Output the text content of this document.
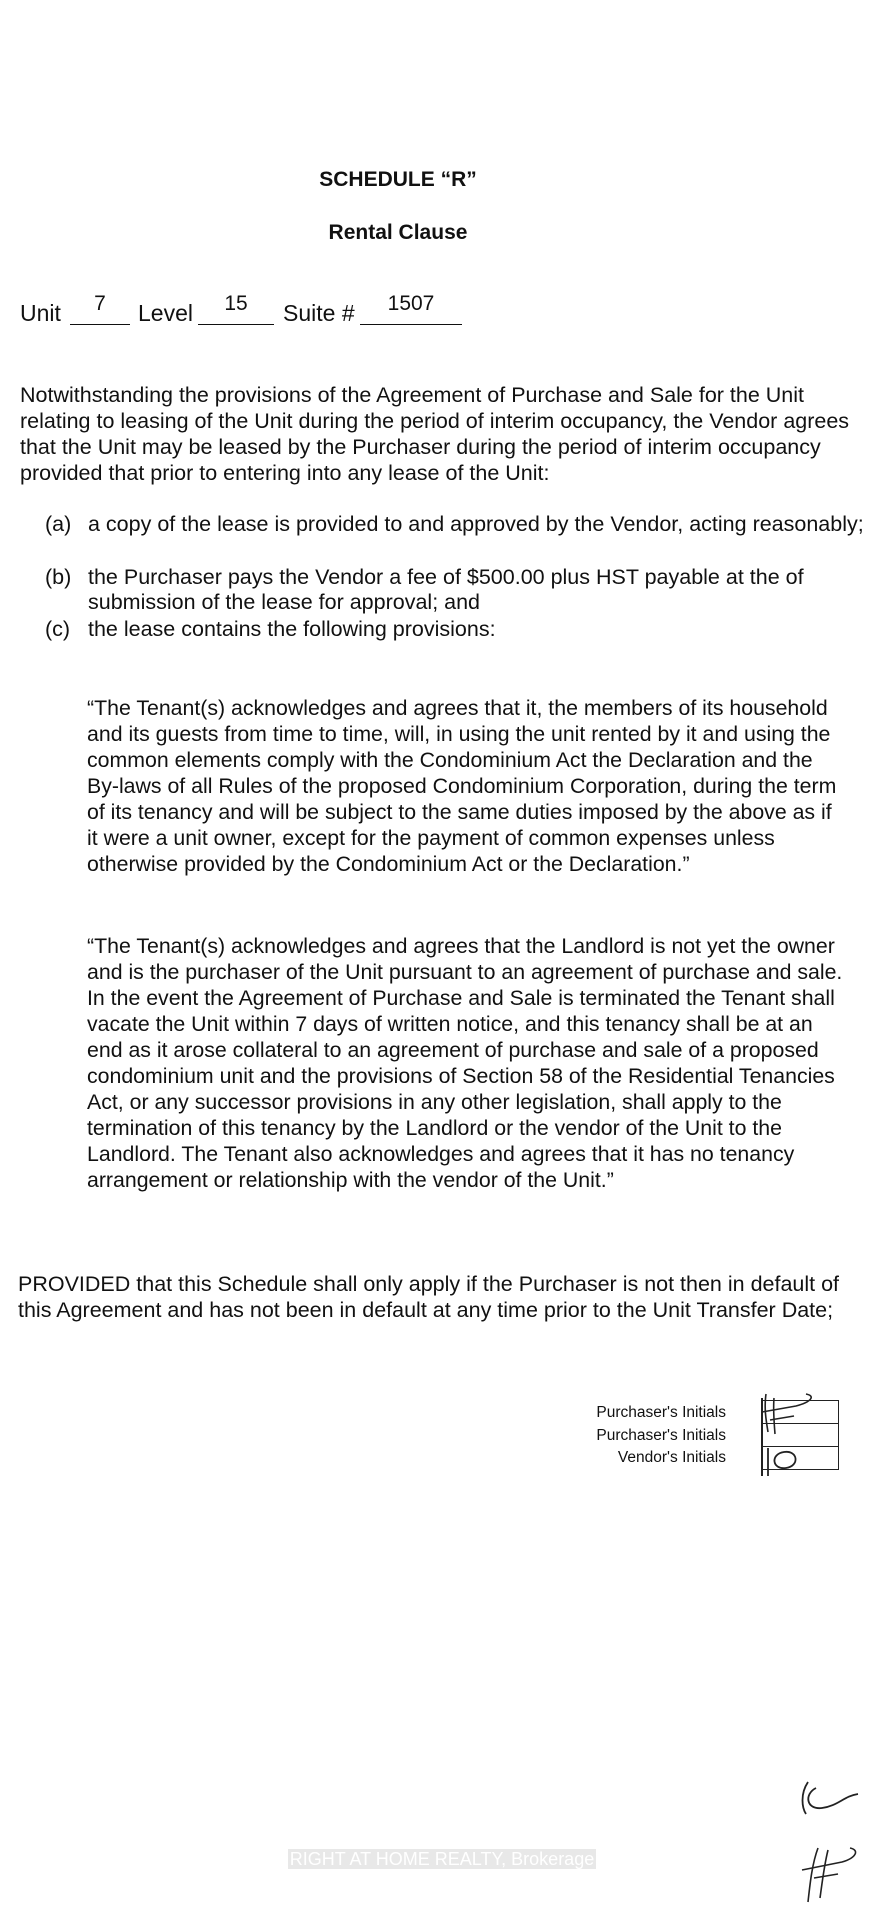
SCHEDULE “R”
Rental Clause
Unit	7	Level	15	Suite #	1507
Notwithstanding the provisions of the Agreement of Purchase and Sale for the Unit relating to leasing of the Unit during the period of interim occupancy, the Vendor agrees that the Unit may be leased by the Purchaser during the period of interim occupancy provided that prior to entering into any lease of the Unit:
(a) a copy of the lease is provided to and approved by the Vendor, acting reasonably;
(b) the Purchaser pays the Vendor a fee of $500.00 plus HST payable at the of submission of the lease for approval; and
(c) the lease contains the following provisions:
“The Tenant(s) acknowledges and agrees that it, the members of its household and its guests from time to time, will, in using the unit rented by it and using the common elements comply with the Condominium Act the Declaration and the By-laws of all Rules of the proposed Condominium Corporation, during the term of its tenancy and will be subject to the same duties imposed by the above as if it were a unit owner, except for the payment of common expenses unless otherwise provided by the Condominium Act or the Declaration.”
“The Tenant(s) acknowledges and agrees that the Landlord is not yet the owner and is the purchaser of the Unit pursuant to an agreement of purchase and sale. In the event the Agreement of Purchase and Sale is terminated the Tenant shall vacate the Unit within 7 days of written notice, and this tenancy shall be at an end as it arose collateral to an agreement of purchase and sale of a proposed condominium unit and the provisions of Section 58 of the Residential Tenancies Act, or any successor provisions in any other legislation, shall apply to the termination of this tenancy by the Landlord or the vendor of the Unit to the Landlord. The Tenant also acknowledges and agrees that it has no tenancy arrangement or relationship with the vendor of the Unit.”
PROVIDED that this Schedule shall only apply if the Purchaser is not then in default of this Agreement and has not been in default at any time prior to the Unit Transfer Date;
Purchaser's Initials
Purchaser's Initials
Vendor's Initials
RIGHT AT HOME REALTY, Brokerage
